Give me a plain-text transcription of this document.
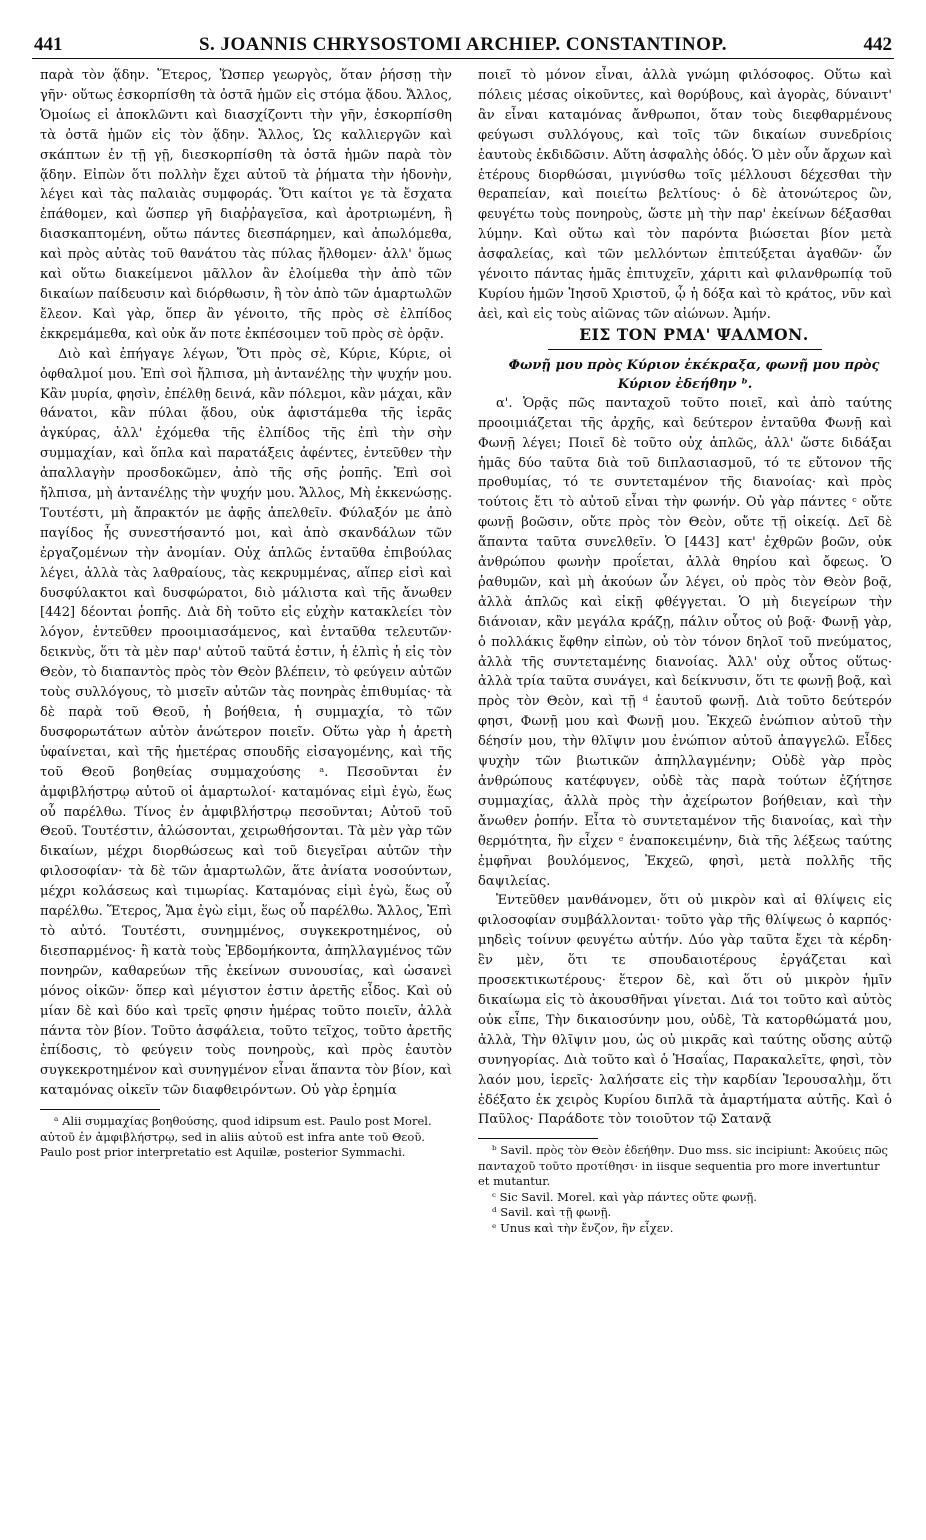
441	S. JOANNIS CHRYSOSTOMI ARCHIEP. CONSTANTINOP.	442

παρὰ τὸν ᾅδην. Ἕτερος, Ὥσπερ γεωργὸς, ὅταν ῥήσσῃ τὴν γῆν· οὕτως ἐσκορπίσθη τὰ ὀστᾶ ἡμῶν εἰς στόμα ᾅδου. Ἄλλος, Ὁμοίως εἰ ἀποκλῶντι καὶ διασχίζοντι τὴν γῆν, ἐσκορπίσθη τὰ ὀστᾶ ἡμῶν εἰς τὸν ᾅδην. Ἄλλος, Ὡς καλλιεργῶν καὶ σκάπτων ἐν τῇ γῇ, διεσκορπίσθη τὰ ὀστᾶ ἡμῶν παρὰ τὸν ᾅδην. Εἰπὼν ὅτι πολλὴν ἔχει αὐτοῦ τὰ ῥήματα τὴν ἡδονὴν, λέγει καὶ τὰς παλαιὰς συμφοράς. Ὅτι καίτοι γε τὰ ἔσχατα ἐπάθομεν, καὶ ὥσπερ γῆ διαῤῥαγεῖσα, καὶ ἀροτριωμένη, ἢ διασκαπτομένη, οὕτω πάντες διεσπάρημεν, καὶ ἀπωλόμεθα, καὶ πρὸς αὐτὰς τοῦ θανάτου τὰς πύλας ἤλθομεν· ἀλλ' ὅμως καὶ οὕτω διακείμενοι μᾶλλον ἂν ἑλοίμεθα τὴν ἀπὸ τῶν δικαίων παίδευσιν καὶ διόρθωσιν, ἢ τὸν ἀπὸ τῶν ἁμαρτωλῶν ἔλεον. Καὶ γὰρ, ὅπερ ἂν γένοιτο, τῆς πρὸς σὲ ἐλπίδος ἐκκρεμάμεθα, καὶ οὐκ ἄν ποτε ἐκπέσοιμεν τοῦ πρὸς σὲ ὁρᾷν.

Διὸ καὶ ἐπήγαγε λέγων, Ὅτι πρὸς σὲ, Κύριε, Κύριε, οἱ ὀφθαλμοί μου. Ἐπὶ σοὶ ἤλπισα, μὴ ἀντανέλῃς τὴν ψυχήν μου. Κἂν μυρία, φησὶν, ἐπέλθῃ δεινά, κἂν πόλεμοι, κἂν μάχαι, κἂν θάνατοι, κἂν πύλαι ᾅδου, οὐκ ἀφιστάμεθα τῆς ἱερᾶς ἀγκύρας, ἀλλ' ἐχόμεθα τῆς ἐλπίδος τῆς ἐπὶ τὴν σὴν συμμαχίαν, καὶ ὅπλα καὶ παρατάξεις ἀφέντες, ἐντεῦθεν τὴν ἀπαλλαγὴν προσδοκῶμεν, ἀπὸ τῆς σῆς ῥοπῆς. Ἐπὶ σοὶ ἤλπισα, μὴ ἀντανέλῃς τὴν ψυχήν μου. Ἄλλος, Μὴ ἐκκενώσῃς. Τουτέστι, μὴ ἄπρακτόν με ἀφῇς ἀπελθεῖν. Φύλαξόν με ἀπὸ παγίδος ἧς συνεστήσαντό μοι, καὶ ἀπὸ σκανδάλων τῶν ἐργαζομένων τὴν ἀνομίαν. Οὐχ ἁπλῶς ἐνταῦθα ἐπιβούλας λέγει, ἀλλὰ τὰς λαθραίους, τὰς κεκρυμμένας, αἵπερ εἰσὶ καὶ δυσφύλακτοι καὶ δυσφώρατοι, διὸ μάλιστα καὶ τῆς ἄνωθεν [442] δέονται ῥοπῆς. Διὰ δὴ τοῦτο εἰς εὐχὴν κατακλείει τὸν λόγον, ἐντεῦθεν προοιμιασάμενος, καὶ ἐνταῦθα τελευτῶν· δεικνὺς, ὅτι τὰ μὲν παρ' αὐτοῦ ταῦτά ἐστιν, ἡ ἐλπὶς ἡ εἰς τὸν Θεὸν, τὸ διαπαντὸς πρὸς τὸν Θεὸν βλέπειν, τὸ φεύγειν αὐτῶν τοὺς συλλόγους, τὸ μισεῖν αὐτῶν τὰς πονηρὰς ἐπιθυμίας· τὰ δὲ παρὰ τοῦ Θεοῦ, ἡ βοήθεια, ἡ συμμαχία, τὸ τῶν δυσφορωτάτων αὐτὸν ἀνώτερον ποιεῖν. Οὕτω γὰρ ἡ ἀρετὴ ὑφαίνεται, καὶ τῆς ἡμετέρας σπουδῆς εἰσαγομένης, καὶ τῆς τοῦ Θεοῦ βοηθείας συμμαχούσης ᵃ. Πεσοῦνται ἐν ἀμφιβλήστρῳ αὐτοῦ οἱ ἁμαρτωλοί· καταμόνας εἰμὶ ἐγὼ, ἕως οὗ παρέλθω. Τίνος ἐν ἀμφιβλήστρῳ πεσοῦνται; Αὐτοῦ τοῦ Θεοῦ. Τουτέστιν, ἁλώσονται, χειρωθήσονται. Τὰ μὲν γὰρ τῶν δικαίων, μέχρι διορθώσεως καὶ τοῦ διεγεῖραι αὐτῶν τὴν φιλοσοφίαν· τὰ δὲ τῶν ἁμαρτωλῶν, ἅτε ἀνίατα νοσούντων, μέχρι κολάσεως καὶ τιμωρίας. Καταμόνας εἰμὶ ἐγὼ, ἕως οὗ παρέλθω. Ἕτερος, Ἅμα ἐγὼ εἰμι, ἕως οὗ παρέλθω. Ἄλλος, Ἐπὶ τὸ αὐτό. Τουτέστι, συνημμένος, συγκεκροτημένος, οὐ διεσπαρμένος· ἢ κατὰ τοὺς Ἑβδομήκοντα, ἀπηλλαγμένος τῶν πονηρῶν, καθαρεύων τῆς ἐκείνων συνουσίας, καὶ ὡσανεὶ μόνος οἰκῶν· ὅπερ καὶ μέγιστον ἐστιν ἀρετῆς εἶδος. Καὶ οὐ μίαν δὲ καὶ δύο καὶ τρεῖς φησιν ἡμέρας τοῦτο ποιεῖν, ἀλλὰ πάντα τὸν βίον. Τοῦτο ἀσφάλεια, τοῦτο τεῖχος, τοῦτο ἀρετῆς ἐπίδοσις, τὸ φεύγειν τοὺς πονηροὺς, καὶ πρὸς ἑαυτὸν συγκεκροτημένον καὶ συνηγμένον εἶναι ἅπαντα τὸν βίον, καὶ καταμόνας οἰκεῖν τῶν διαφθειρόντων. Οὐ γὰρ ἐρημία

ᵃ Alii συμμαχίας βοηθούσης, quod idipsum est. Paulo post Morel. αὐτοῦ ἐν ἀμφιβλήστρῳ, sed in aliis αὐτοῦ est infra ante τοῦ Θεοῦ. Paulo post prior interpretatio est Aquilæ, posterior Symmachi.

ποιεῖ τὸ μόνον εἶναι, ἀλλὰ γνώμη φιλόσοφος. Οὕτω καὶ πόλεις μέσας οἰκοῦντες, καὶ θορύβους, καὶ ἀγορὰς, δύναιντ' ἂν εἶναι καταμόνας ἄνθρωποι, ὅταν τοὺς διεφθαρμένους φεύγωσι συλλόγους, καὶ τοῖς τῶν δικαίων συνεδρίοις ἑαυτοὺς ἐκδιδῶσιν. Αὕτη ἀσφαλὴς ὁδός. Ὁ μὲν οὖν ἄρχων καὶ ἑτέρους διορθώσαι, μιγνύσθω τοῖς μέλλουσι δέχεσθαι τὴν θεραπείαν, καὶ ποιείτω βελτίους· ὁ δὲ ἀτονώτερος ὢν, φευγέτω τοὺς πονηροὺς, ὥστε μὴ τὴν παρ' ἐκείνων δέξασθαι λύμην. Καὶ οὕτω καὶ τὸν παρόντα βιώσεται βίον μετὰ ἀσφαλείας, καὶ τῶν μελλόντων ἐπιτεύξεται ἀγαθῶν· ὧν γένοιτο πάντας ἡμᾶς ἐπιτυχεῖν, χάριτι καὶ φιλανθρωπίᾳ τοῦ Κυρίου ἡμῶν Ἰησοῦ Χριστοῦ, ᾧ ἡ δόξα καὶ τὸ κράτος, νῦν καὶ ἀεὶ, καὶ εἰς τοὺς αἰῶνας τῶν αἰώνων. Ἀμήν.

ΕΙΣ ΤΟΝ ΡΜΑ' ΨΑΛΜΟΝ.

Φωνῇ μου πρὸς Κύριον ἐκέκραξα, φωνῇ μου πρὸς Κύριον ἐδεήθην ᵇ.

α'. Ὁρᾷς πῶς πανταχοῦ τοῦτο ποιεῖ, καὶ ἀπὸ ταύτης προοιμιάζεται τῆς ἀρχῆς, καὶ δεύτερον ἐνταῦθα Φωνῇ καὶ Φωνῇ λέγει; Ποιεῖ δὲ τοῦτο οὐχ ἁπλῶς, ἀλλ' ὥστε διδάξαι ἡμᾶς δύο ταῦτα διὰ τοῦ διπλασιασμοῦ, τό τε εὔτονον τῆς προθυμίας, τό τε συντεταμένον τῆς διανοίας· καὶ πρὸς τούτοις ἔτι τὸ αὐτοῦ εἶναι τὴν φωνήν. Οὐ γὰρ πάντες ᶜ οὔτε φωνῇ βοῶσιν, οὔτε πρὸς τὸν Θεὸν, οὔτε τῇ οἰκείᾳ. Δεῖ δὲ ἅπαντα ταῦτα συνελθεῖν. Ὁ [443] κατ' ἐχθρῶν βοῶν, οὐκ ἀνθρώπου φωνὴν προΐεται, ἀλλὰ θηρίου καὶ ὄφεως. Ὁ ῥαθυμῶν, καὶ μὴ ἀκούων ὧν λέγει, οὐ πρὸς τὸν Θεὸν βοᾷ, ἀλλὰ ἁπλῶς καὶ εἰκῇ φθέγγεται. Ὁ μὴ διεγείρων τὴν διάνοιαν, κἂν μεγάλα κράζῃ, πάλιν οὗτος οὐ βοᾷ· Φωνῇ γὰρ, ὁ πολλάκις ἔφθην εἰπὼν, οὐ τὸν τόνον δηλοῖ τοῦ πνεύματος, ἀλλὰ τῆς συντεταμένης διανοίας. Ἀλλ' οὐχ οὗτος οὕτως· ἀλλὰ τρία ταῦτα συνάγει, καὶ δείκνυσιν, ὅτι τε φωνῇ βοᾷ, καὶ πρὸς τὸν Θεὸν, καὶ τῇ ᵈ ἑαυτοῦ φωνῇ. Διὰ τοῦτο δεύτερόν φησι, Φωνῇ μου καὶ Φωνῇ μου. Ἐκχεῶ ἐνώπιον αὐτοῦ τὴν δέησίν μου, τὴν θλῖψιν μου ἐνώπιον αὐτοῦ ἀπαγγελῶ. Εἶδες ψυχὴν τῶν βιωτικῶν ἀπηλλαγμένην; Οὐδὲ γὰρ πρὸς ἀνθρώπους κατέφυγεν, οὐδὲ τὰς παρὰ τούτων ἐζήτησε συμμαχίας, ἀλλὰ πρὸς τὴν ἀχείρωτον βοήθειαν, καὶ τὴν ἄνωθεν ῥοπήν. Εἶτα τὸ συντεταμένον τῆς διανοίας, καὶ τὴν θερμότητα, ἣν εἶχεν ᵉ ἐναποκειμένην, διὰ τῆς λέξεως ταύτης ἐμφῆναι βουλόμενος, Ἐκχεῶ, φησὶ, μετὰ πολλῆς τῆς δαψιλείας.

Ἐντεῦθεν μανθάνομεν, ὅτι οὐ μικρὸν καὶ αἱ θλίψεις εἰς φιλοσοφίαν συμβάλλονται· τοῦτο γὰρ τῆς θλίψεως ὁ καρπός· μηδεὶς τοίνυν φευγέτω αὐτήν. Δύο γὰρ ταῦτα ἔχει τὰ κέρδη· ἓν μὲν, ὅτι τε σπουδαιοτέρους ἐργάζεται καὶ προσεκτικωτέρους· ἕτερον δὲ, καὶ ὅτι οὐ μικρὸν ἡμῖν δικαίωμα εἰς τὸ ἀκουσθῆναι γίνεται. Διά τοι τοῦτο καὶ αὐτὸς οὐκ εἶπε, Τὴν δικαιοσύνην μου, οὐδὲ, Τὰ κατορθώματά μου, ἀλλὰ, Τὴν θλῖψιν μου, ὡς οὐ μικρᾶς καὶ ταύτης οὔσης αὐτῷ συνηγορίας. Διὰ τοῦτο καὶ ὁ Ἡσαΐας, Παρακαλεῖτε, φησὶ, τὸν λαόν μου, ἱερεῖς· λαλήσατε εἰς τὴν καρδίαν Ἱερουσαλὴμ, ὅτι ἐδέξατο ἐκ χειρὸς Κυρίου διπλᾶ τὰ ἁμαρτήματα αὐτῆς. Καὶ ὁ Παῦλος· Παράδοτε τὸν τοιοῦτον τῷ Σατανᾷ

ᵇ Savil. πρὸς τὸν Θεὸν ἐδεήθην. Duo mss. sic incipiunt: Ἀκούεις πῶς πανταχοῦ τοῦτο προτίθησι· in iisque sequentia pro more invertuntur et mutantur.

ᶜ Sic Savil. Morel. καὶ γὰρ πάντες οὔτε φωνῇ.

ᵈ Savil. καὶ τῇ φωνῇ.

ᵉ Unus καὶ τὴν ἔνζον, ἣν εἶχεν.
